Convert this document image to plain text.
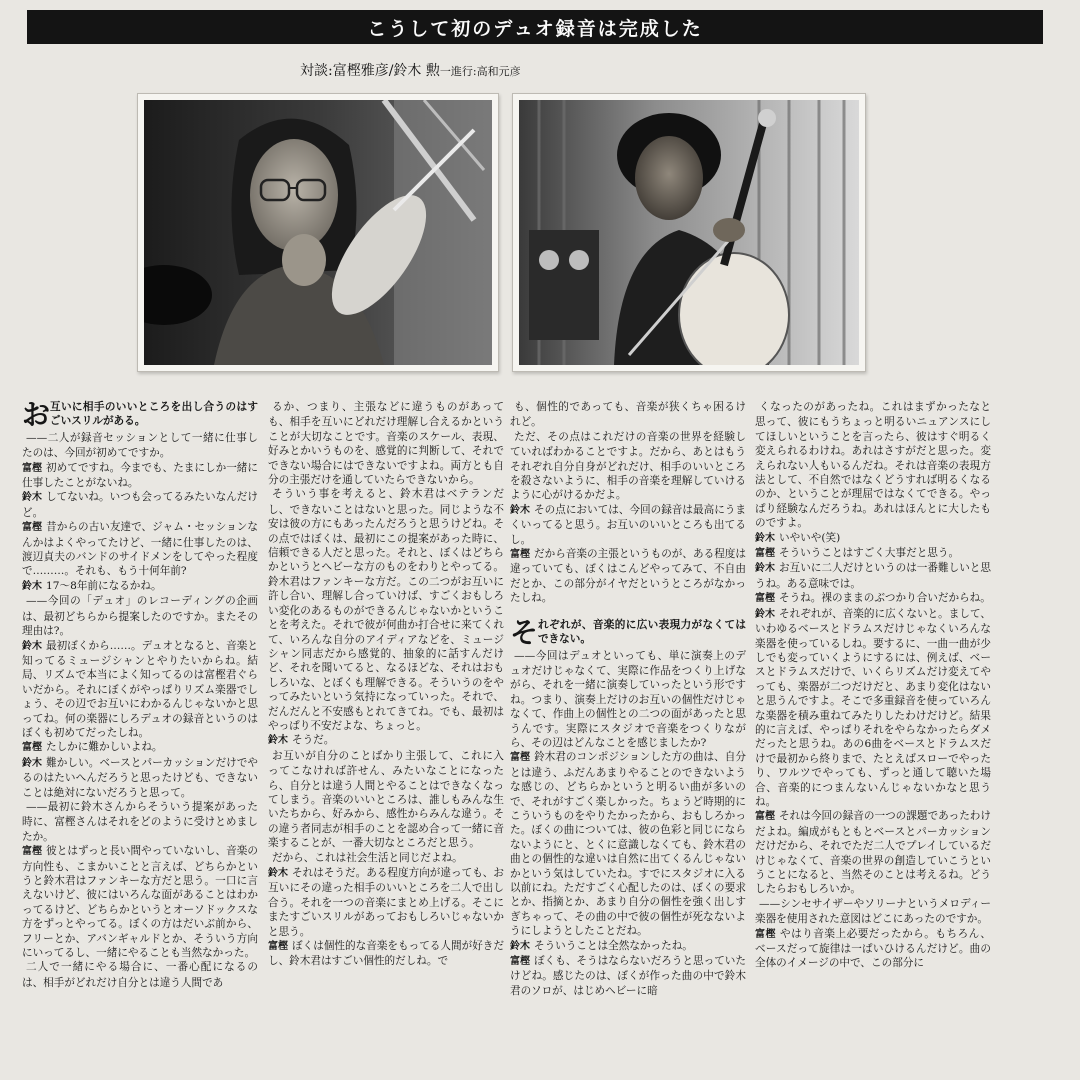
こうして初のデュオ録音は完成した
対談:富樫雅彦/鈴木 勲一進行:高和元彦
お 互いに相手のいいところを出し合うのはすごいスリルがある。

——二人が録音セッションとして一緒に仕事したのは、今回が初めてですか。

富樫 初めてですね。今までも、たまにしか一緒に仕事したことがないね。

鈴木 してないね。いつも会ってるみたいなんだけど。

富樫 昔からの古い友達で、ジャム・セッションなんかはよくやってたけど、一緒に仕事したのは、渡辺貞夫のバンドのサイドメンをしてやった程度で………。それも、もう十何年前?

鈴木 17〜8年前になるかね。

——今回の「デュオ」のレコーディングの企画は、最初どちらから提案したのですか。またその理由は?。

鈴木 最初ぼくから……。デュオとなると、音楽と知ってるミュージシャンとやりたいからね。結局、リズムで本当によく知ってるのは富樫君ぐらいだから。それにぼくがやっぱりリズム楽器でしょう、その辺でお互いにわかるんじゃないかと思ってね。何の楽器にしろデュオの録音というのはぼくも初めてだったしね。

富樫 たしかに難かしいよね。

鈴木 難かしい。ベースとパーカッションだけでやるのはたいへんだろうと思ったけども、できないことは絶対にないだろうと思って。

——最初に鈴木さんからそういう提案があった時に、富樫さんはそれをどのように受けとめましたか。

富樫 彼とはずっと長い間やっていないし、音楽の方向性も、こまかいことと言えば、どちらかというと鈴木君はファンキーな方だと思う。一口に言えないけど、彼にはいろんな面があることはわかってるけど、どちらかというとオーソドックスな方をずっとやってる。ぼくの方はだいぶ前から、フリーとか、アバンギャルドとか、そういう方向にいってるし、一緒にやることも当然なかった。

二人で一緒にやる場合に、一番心配になるのは、相手がどれだけ自分とは違う人間であ

るか、つまり、主張などに違うものがあっても、相手を互いにどれだけ理解し合えるかということが大切なことです。音楽のスケール、表現、好みとかいうものを、感覚的に判断して、それでできない場合にはできないですよね。両方とも自分の主張だけを通していたらできないから。

そういう事を考えると、鈴木君はベテランだし、できないことはないと思った。同じような不安は彼の方にもあったんだろうと思うけどね。その点ではぼくは、最初にこの提案があった時に、信頼できる人だと思った。それと、ぼくはどちらかというとへビーな方のものをわりとやってる。鈴木君はファンキーな方だ。この二つがお互いに許し合い、理解し合っていけば、すごくおもしろい変化のあるものができるんじゃないかということを考えた。それで彼が何曲か打合せに来てくれて、いろんな自分のアイディアなどを、ミュージシャン同志だから感覚的、抽象的に話すんだけど、それを聞いてると、なるほどな、それはおもしろいな、とぼくも理解できる。そういうのをやってみたいという気持になっていった。それで、だんだんと不安感もとれてきてね。でも、最初はやっぱり不安だよな、ちょっと。

鈴木 そうだ。

お互いが自分のことばかり主張して、これに入ってこなければ許せん、みたいなことになったら、自分とは違う人間とやることはできなくなってしまう。音楽のいいところは、誰しもみんな生いたちから、好みから、感性からみんな違う。その違う者同志が相手のことを認め合って一緒に音楽することが、一番大切なところだと思う。

だから、これは社会生活と同じだよね。

鈴木 それはそうだ。ある程度方向が違っても、お互いにその違った相手のいいところを二人で出し合う。それを一つの音楽にまとめ上げる。そこにまたすごいスリルがあっておもしろいじゃないかと思う。

富樫 ぼくは個性的な音楽をもってる人間が好きだし、鈴木君はすごい個性的だしね。で

も、個性的であっても、音楽が狭くちゃ困るけれど。

ただ、その点はこれだけの音楽の世界を経験していればわかることですよ。だから、あとはもうそれぞれ自分自身がどれだけ、相手のいいところを殺さないように、相手の音楽を理解していけるように心がけるかだよ。

鈴木 その点においては、今回の録音は最高にうまくいってると思う。お互いのいいところも出てるし。

富樫 だから音楽の主張というものが、ある程度は違っていても、ぼくはこんどやってみて、不自由だとか、この部分がイヤだというところがなかったしね。

そ れぞれが、音楽的に広い表現力がなくてはできない。

——今回はデュオといっても、単に演奏上のデュオだけじゃなくて、実際に作品をつくり上げながら、それを一緒に演奏していったという形ですね。つまり、演奏上だけのお互いの個性だけじゃなくて、作曲上の個性との二つの面があったと思うんです。実際にスタジオで音楽をつくりながら、その辺はどんなことを感じましたか?

富樫 鈴木君のコンポジションした方の曲は、自分とは違う、ふだんあまりやることのできないような感じの、どちらかというと明るい曲が多いので、それがすごく楽しかった。ちょうど時期的にこういうものをやりたかったから、おもしろかった。ぼくの曲については、彼の色彩と同じにならないようにと、とくに意識しなくても、鈴木君の曲との個性的な違いは自然に出てくるんじゃないかという気はしていたね。すでにスタジオに入る以前にね。ただすごく心配したのは、ぼくの要求とか、指摘とか、あまり自分の個性を強く出しすぎちゃって、その曲の中で彼の個性が死なないようにしようとしたことだね。

鈴木 そういうことは全然なかったね。

富樫 ぼくも、そうはならないだろうと思っていたけどね。感じたのは、ぼくが作った曲の中で鈴木君のソロが、はじめヘビーに暗

くなったのがあったね。これはまずかったなと思って、彼にもうちょっと明るいニュアンスにしてほしいということを言ったら、彼はすぐ明るく変えられるわけね。あれはさすがだと思った。変えられない人もいるんだね。それは音楽の表現方法として、不自然ではなくどうすれば明るくなるのか、ということが理屈ではなくてできる。やっぱり経験なんだろうね。あれはほんとに大したものですよ。

鈴木 いやいや(笑)

富樫 そういうことはすごく大事だと思う。

鈴木 お互いに二人だけというのは一番難しいと思うね。ある意味では。

富樫 そうね。裸のままのぶつかり合いだからね。

鈴木 それぞれが、音楽的に広くないと。まして、いわゆるベースとドラムスだけじゃなくいろんな楽器を使っているしね。要するに、一曲一曲が少しでも変っていくようにするには、例えば、ベースとドラムスだけで、いくらリズムだけ変えてやっても、楽器が二つだけだと、あまり変化はないと思うんですよ。そこで多重録音を使っていろんな楽器を積み重ねてみたりしたわけだけど。結果的に言えば、やっぱりそれをやらなかったらダメだったと思うね。あの6曲をベースとドラムスだけで最初から終りまで、たとえばスローでやったり、ワルツでやっても、ずっと通して聴いた場合、音楽的につまんないんじゃないかなと思うね。

富樫 それは今回の録音の一つの課題であったわけだよね。編成がもともとベースとパーカッションだけだから、それでただ二人でプレイしているだけじゃなくて、音楽の世界の創造していこうということになると、当然そのことは考えるね。どうしたらおもしろいか。

——シンセサイザーやソリーナというメロディー楽器を使用された意図はどこにあったのですか。

富樫 やはり音楽上必要だったから。もちろん、ベースだって旋律は一ぱいひけるんだけど。曲の全体のイメージの中で、この部分に
